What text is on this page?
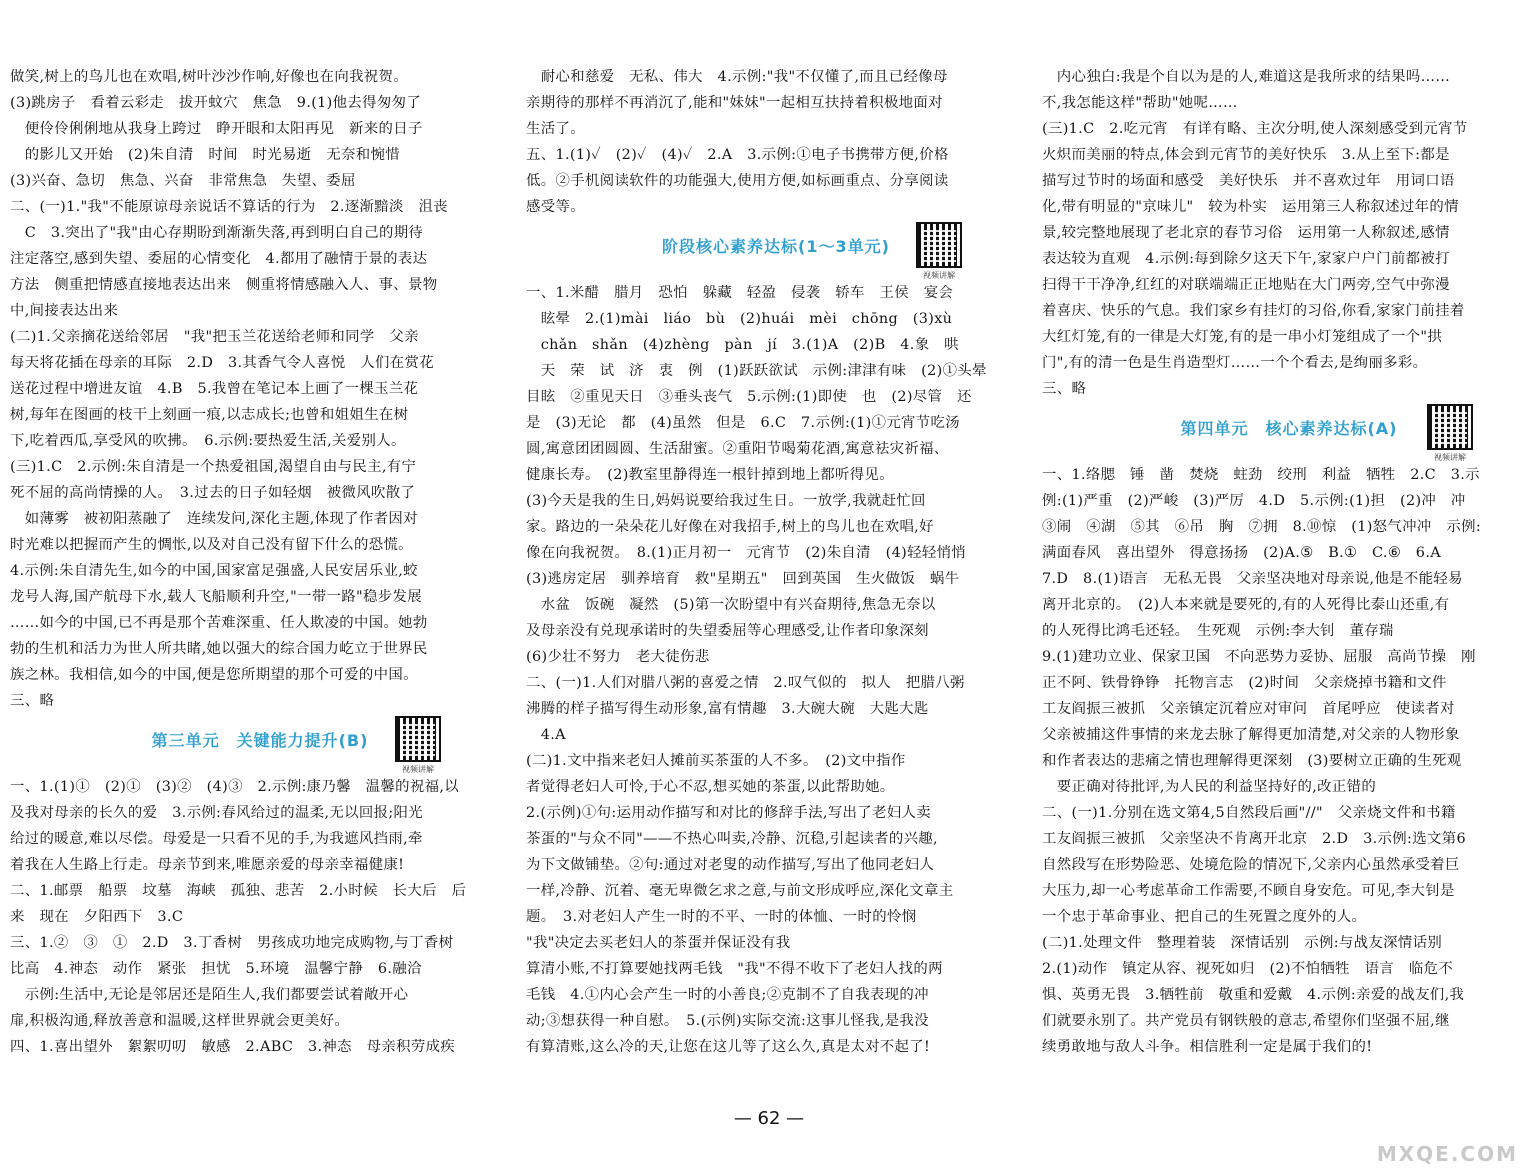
做笑,树上的鸟儿也在欢唱,树叶沙沙作响,好像也在向我祝贺。
(3)跳房子　看着云彩走　拔开蚊穴　焦急　9.(1)他去得匆匆了
　便伶伶俐俐地从我身上跨过　睁开眼和太阳再见　新来的日子
　的影儿又开始　(2)朱自清　时间　时光易逝　无奈和惋惜
(3)兴奋、急切　焦急、兴奋　非常焦急　失望、委屈
二、(一)1."我"不能原谅母亲说话不算话的行为　2.逐渐黯淡　沮丧
　C　3.突出了"我"由心存期盼到渐渐失落,再到明白自己的期待
注定落空,感到失望、委屈的心情变化　4.都用了融情于景的表达
方法　侧重把情感直接地表达出来　侧重将情感融入人、事、景物
中,间接表达出来
(二)1.父亲摘花送给邻居　"我"把玉兰花送给老师和同学　父亲
每天将花插在母亲的耳际　2.D　3.其香气令人喜悦　人们在赏花
送花过程中增进友谊　4.B　5.我曾在笔记本上画了一棵玉兰花
树,每年在图画的枝干上刻画一痕,以志成长;也曾和姐姐生在树
下,吃着西瓜,享受风的吹拂。　6.示例:要热爱生活,关爱别人。
(三)1.C　2.示例:朱自清是一个热爱祖国,渴望自由与民主,有宁
死不屈的高尚情操的人。　3.过去的日子如轻烟　被微风吹散了
　如薄雾　被初阳蒸融了　连续发问,深化主题,体现了作者因对
时光难以把握而产生的惆怅,以及对自己没有留下什么的恐慌。
4.示例:朱自清先生,如今的中国,国家富足强盛,人民安居乐业,蛟
龙号人海,国产航母下水,载人飞船顺利升空,"一带一路"稳步发展
……如今的中国,已不再是那个苦难深重、任人欺凌的中国。她勃
勃的生机和活力为世人所共睹,她以强大的综合国力屹立于世界民
族之林。我相信,如今的中国,便是您所期望的那个可爱的中国。
三、略
第三单元　关键能力提升(B)
视频讲解
一、1.(1)①　(2)①　(3)②　(4)③　2.示例:康乃馨　温馨的祝福,以
及我对母亲的长久的爱　3.示例:春风给过的温柔,无以回报;阳光
给过的暖意,难以尽偿。母爱是一只看不见的手,为我遮风挡雨,牵
着我在人生路上行走。母亲节到来,唯愿亲爱的母亲幸福健康!
二、1.邮票　船票　坟墓　海峡　孤独、悲苦　2.小时候　长大后　后
来　现在　夕阳西下　3.C
三、1.②　③　①　2.D　3.丁香树　男孩成功地完成购物,与丁香树
比高　4.神态　动作　紧张　担忧　5.环境　温馨宁静　6.融洽
　示例:生活中,无论是邻居还是陌生人,我们都要尝试着敞开心
扉,积极沟通,释放善意和温暖,这样世界就会更美好。
四、1.喜出望外　絮絮叨叨　敏感　2.ABC　3.神态　母亲积劳成疾
　耐心和慈爱　无私、伟大　4.示例:"我"不仅懂了,而且已经像母
亲期待的那样不再消沉了,能和"妹妹"一起相互扶持着积极地面对
生活了。
五、1.(1)✓　(2)✓　(4)✓　2.A　3.示例:①电子书携带方便,价格
低。②手机阅读软件的功能强大,使用方便,如标画重点、分享阅读
感受等。
阶段核心素养达标(1～3单元)
视频讲解
一、1.米醋　腊月　恐怕　躲藏　轻盈　侵袭　轿车　王侯　宴会
　眩晕　2.(1)mài　liáo　bù　(2)huái　mèi　chōng　(3)xù
　chǎn　shǎn　(4)zhèng　pàn　jí　3.(1)A　(2)B　4.象　哄
　天　荣　试　济　衷　例　(1)跃跃欲试　示例:津津有味　(2)①头晕
目眩　②重见天日　③垂头丧气　5.示例:(1)即使　也　(2)尽管　还
是　(3)无论　都　(4)虽然　但是　6.C　7.示例:(1)①元宵节吃汤
圆,寓意团团圆圆、生活甜蜜。②重阳节喝菊花酒,寓意祛灾祈福、
健康长寿。　(2)教室里静得连一根针掉到地上都听得见。
(3)今天是我的生日,妈妈说要给我过生日。一放学,我就赶忙回
家。路边的一朵朵花儿好像在对我招手,树上的鸟儿也在欢唱,好
像在向我祝贺。　8.(1)正月初一　元宵节　(2)朱自清　(4)轻轻悄悄
(3)逃房定居　驯养培育　救"星期五"　回到英国　生火做饭　蜗牛
　水盆　饭碗　凝然　(5)第一次盼望中有兴奋期待,焦急无奈以
及母亲没有兑现承诺时的失望委屈等心理感受,让作者印象深刻
(6)少壮不努力　老大徒伤悲
二、(一)1.人们对腊八粥的喜爱之情　2.叹气似的　拟人　把腊八粥
沸腾的样子描写得生动形象,富有情趣　3.大碗大碗　大匙大匙
　4.A
(二)1.文中指来老妇人摊前买茶蛋的人不多。　(2)文中指作
者觉得老妇人可怜,于心不忍,想买她的茶蛋,以此帮助她。
2.(示例)①句:运用动作描写和对比的修辞手法,写出了老妇人卖
茶蛋的"与众不同"——不热心叫卖,冷静、沉稳,引起读者的兴趣,
为下文做铺垫。②句:通过对老叟的动作描写,写出了他同老妇人
一样,冷静、沉着、毫无卑微乞求之意,与前文形成呼应,深化文章主
题。　3.对老妇人产生一时的不平、一时的体恤、一时的怜悯
"我"决定去买老妇人的茶蛋并保证没有我
算清小账,不打算要她找两毛钱　"我"不得不收下了老妇人找的两
毛钱　4.①内心会产生一时的小善良;②克制不了自我表现的冲
动;③想获得一种自慰。　5.(示例)实际交流:这事儿怪我,是我没
有算清账,这么冷的天,让您在这儿等了这么久,真是太对不起了!
　内心独白:我是个自以为是的人,难道这是我所求的结果吗……
不,我怎能这样"帮助"她呢……
(三)1.C　2.吃元宵　有详有略、主次分明,使人深刻感受到元宵节
火炽而美丽的特点,体会到元宵节的美好快乐　3.从上至下:都是
描写过节时的场面和感受　美好快乐　并不喜欢过年　用词口语
化,带有明显的"京味儿"　较为朴实　运用第三人称叙述过年的情
景,较完整地展现了老北京的春节习俗　运用第一人称叙述,感情
表达较为直观　4.示例:每到除夕这天下午,家家户户门前都被打
扫得干干净净,红红的对联端端正正地贴在大门两旁,空气中弥漫
着喜庆、快乐的气息。我们家乡有挂灯的习俗,你看,家家门前挂着
大红灯笼,有的一律是大灯笼,有的是一串小灯笼组成了一个"拱
门",有的清一色是生肖造型灯……一个个看去,是绚丽多彩。
三、略
第四单元　核心素养达标(A)
视频讲解
一、1.络腮　锤　凿　焚烧　蛀劲　绞刑　利益　牺牲　2.C　3.示
例:(1)严重　(2)严峻　(3)严厉　4.D　5.示例:(1)担　(2)冲　冲
③闹　④湖　⑤其　⑥吊　胸　⑦拥　8.⑩惊　(1)怒气冲冲　示例:
满面春风　喜出望外　得意扬扬　(2)A.⑤　B.①　C.⑥　6.A
7.D　8.(1)语言　无私无畏　父亲坚决地对母亲说,他是不能轻易
离开北京的。　(2)人本来就是要死的,有的人死得比泰山还重,有
的人死得比鸿毛还轻。　生死观　示例:李大钊　董存瑞
9.(1)建功立业、保家卫国　不向恶势力妥协、屈服　高尚节操　刚
正不阿、铁骨铮铮　托物言志　(2)时间　父亲烧掉书籍和文件
工友阎振三被抓　父亲镇定沉着应对审问　首尾呼应　使读者对
父亲被捕这件事情的来龙去脉了解得更加清楚,对父亲的人物形象
和作者表达的悲痛之情也理解得更深刻　(3)要树立正确的生死观
　要正确对待批评,为人民的利益坚持好的,改正错的
二、(一)1.分别在选文第4,5自然段后画"//"　父亲烧文件和书籍
工友阎振三被抓　父亲坚决不肯离开北京　2.D　3.示例:选文第6
自然段写在形势险恶、处境危险的情况下,父亲内心虽然承受着巨
大压力,却一心考虑革命工作需要,不顾自身安危。可见,李大钊是
一个忠于革命事业、把自己的生死置之度外的人。
(二)1.处理文件　整理着装　深情话别　示例:与战友深情话别
2.(1)动作　镇定从容、视死如归　(2)不怕牺牲　语言　临危不
惧、英勇无畏　3.牺牲前　敬重和爱戴　4.示例:亲爱的战友们,我
们就要永别了。共产党员有钢铁般的意志,希望你们坚强不屈,继
续勇敢地与敌人斗争。相信胜利一定是属于我们的!
— 62 —
MXQE.COM
